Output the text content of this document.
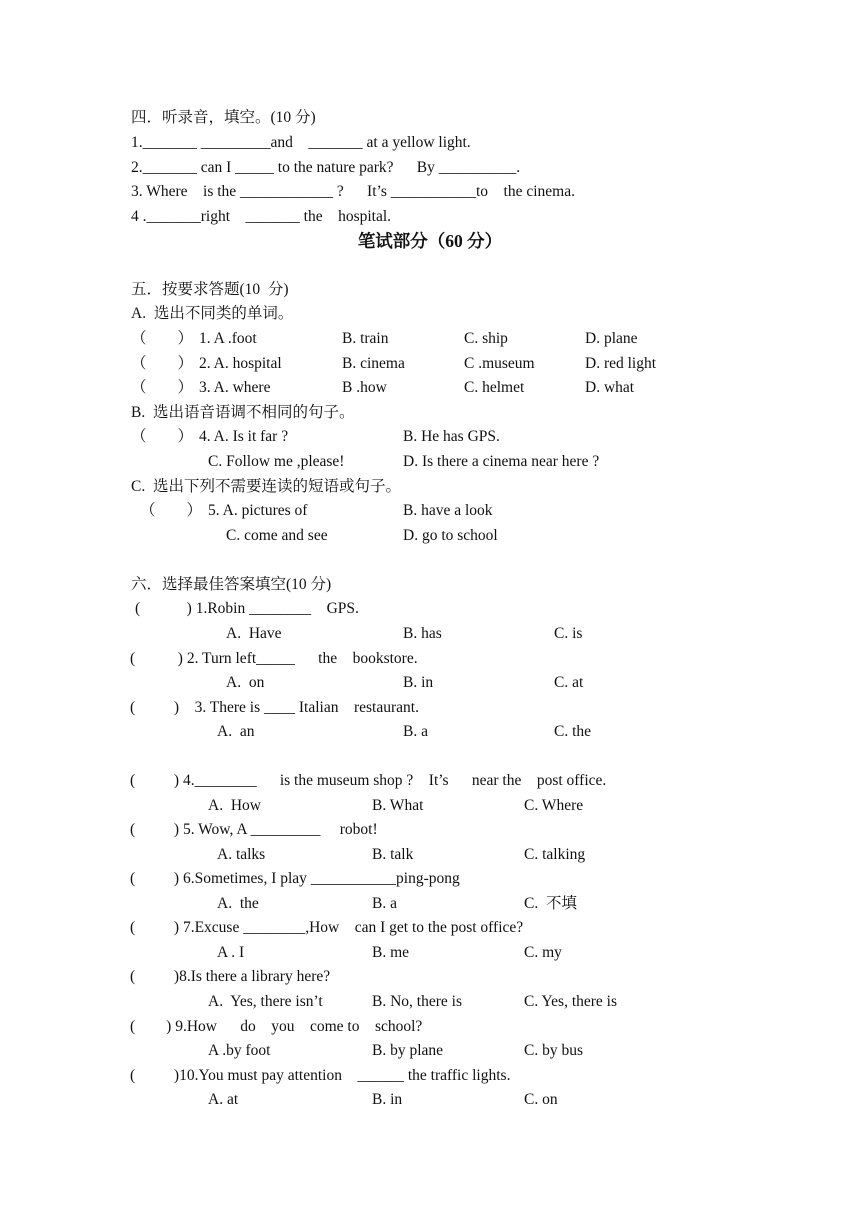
四．听录音，填空。(10 分)
1._______ _________and    _______ at a yellow light.
2._______ can I _____ to the nature park?      By __________.
3. Where    is the ____________ ?      It’s ___________to    the cinema.
4 ._______right    _______ the    hospital.
笔试部分（60 分）
五．按要求答题(10  分)
A.  选出不同类的单词。
（        ） 1. A .foot	B. train	C. ship	D. plane
（        ） 2. A. hospital	B. cinema	C .museum	D. red light
（        ） 3. A. where	B .how	C. helmet	D. what
B.  选出语音语调不相同的句子。
（        ） 4. A. Is it far ?	B. He has GPS.
C. Follow me ,please!	D. Is there a cinema near here ?
C.  选出下列不需要连读的短语或句子。
（        ） 5. A. pictures of	B. have a look
C. come and see	D. go to school
六．选择最佳答案填空(10 分)
(            ) 1.Robin ________    GPS.
A.  Have	B. has	C. is
(           ) 2. Turn left_____      the    bookstore.
A.  on	B. in	C. at
(          )    3. There is ____ Italian    restaurant.
A.  an	B. a	C. the
(          ) 4.________      is the museum shop ?    It’s      near the    post office.
A.  How	B. What	C. Where
(          ) 5. Wow, A _________     robot!
A. talks	B. talk	C. talking
(          ) 6.Sometimes, I play ___________ping-pong
A.  the	B. a	C.  不填
(          ) 7.Excuse ________,How    can I get to the post office?
A . I	B. me	C. my
(          )8.Is there a library here?
A.  Yes, there isn’t	B. No, there is	C. Yes, there is
(        ) 9.How      do    you    come to    school?
A .by foot	B. by plane	C. by bus
(          )10.You must pay attention    ______ the traffic lights.
A. at	B. in	C. on
